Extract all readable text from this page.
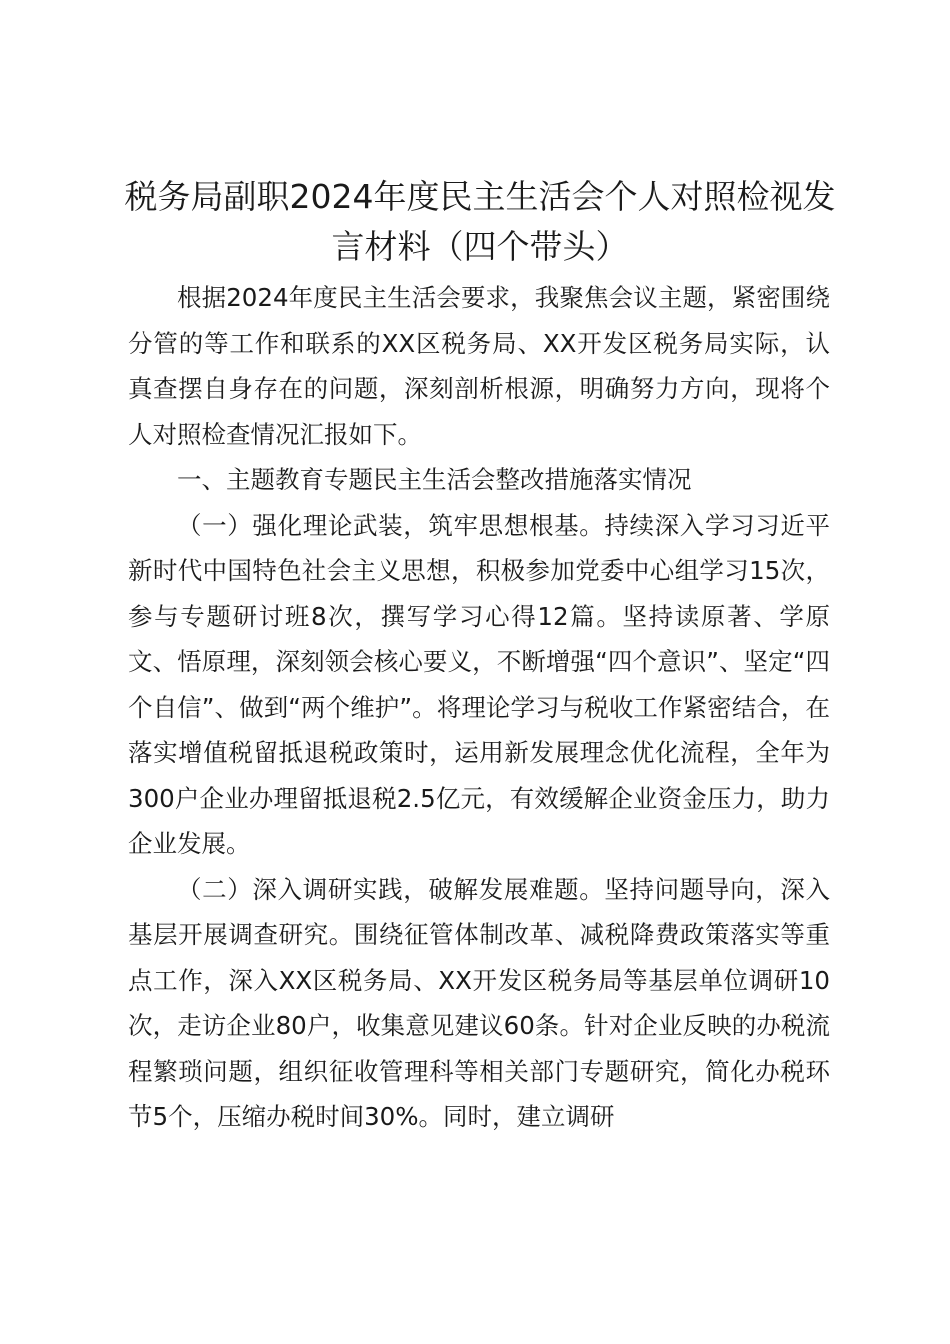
税务局副职2024年度民主生活会个人对照检视发言材料（四个带头）

根据2024年度民主生活会要求，我聚焦会议主题，紧密围绕分管的等工作和联系的XX区税务局、XX开发区税务局实际，认真查摆自身存在的问题，深刻剖析根源，明确努力方向，现将个人对照检查情况汇报如下。

一、主题教育专题民主生活会整改措施落实情况

（一）强化理论武装，筑牢思想根基。持续深入学习习近平新时代中国特色社会主义思想，积极参加党委中心组学习15次，参与专题研讨班8次，撰写学习心得12篇。坚持读原著、学原文、悟原理，深刻领会核心要义，不断增强“四个意识”、坚定“四个自信”、做到“两个维护”。将理论学习与税收工作紧密结合，在落实增值税留抵退税政策时，运用新发展理念优化流程，全年为300户企业办理留抵退税2.5亿元，有效缓解企业资金压力，助力企业发展。

（二）深入调研实践，破解发展难题。坚持问题导向，深入基层开展调查研究。围绕征管体制改革、减税降费政策落实等重点工作，深入XX区税务局、XX开发区税务局等基层单位调研10次，走访企业80户，收集意见建议60条。针对企业反映的办税流程繁琐问题，组织征收管理科等相关部门专题研究，简化办税环节5个，压缩办税时间30%。同时，建立调研
